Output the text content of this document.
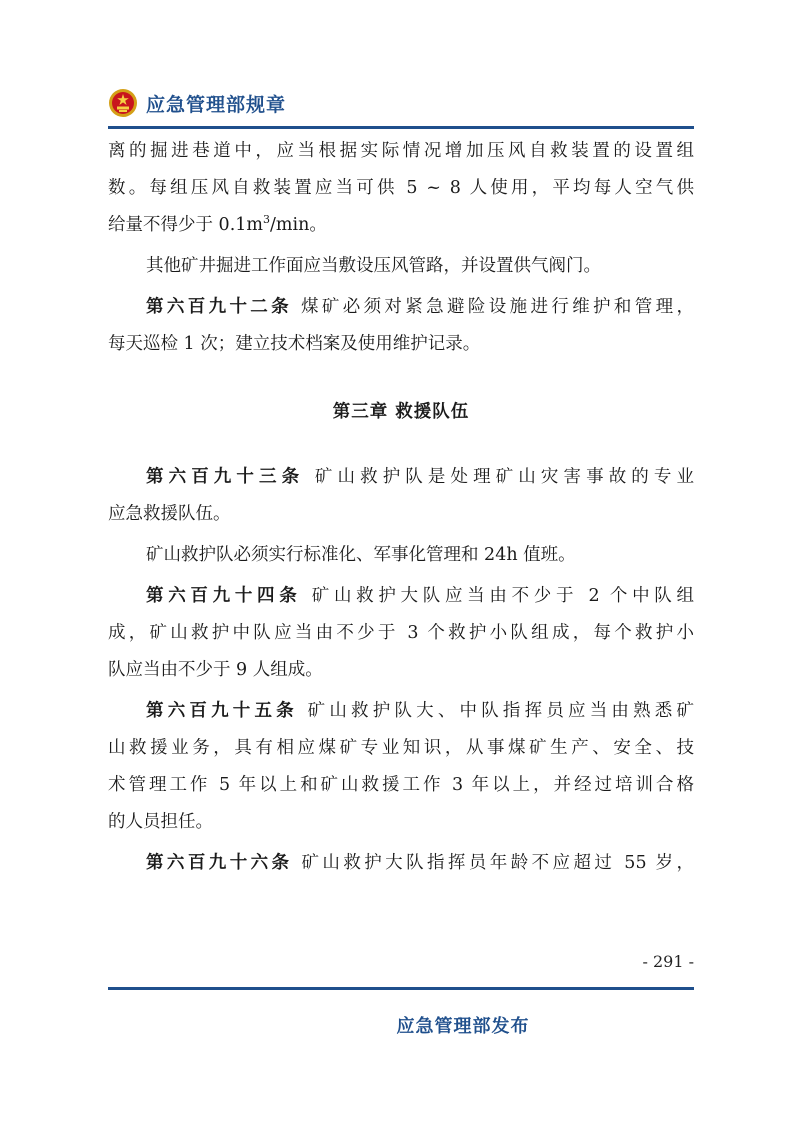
应急管理部规章
离的掘进巷道中，应当根据实际情况增加压风自救装置的设置组
数。每组压风自救装置应当可供 5 ~ 8 人使用，平均每人空气供
给量不得少于 $0.1m^3/\min$。
其他矿井掘进工作面应当敷设压风管路，并设置供气阀门。
第六百九十二条 煤矿必须对紧急避险设施进行维护和管理，
每天巡检 1 次；建立技术档案及使用维护记录。
第三章 救援队伍
第六百九十三条 矿山救护队是处理矿山灾害事故的专业
应急救援队伍。
矿山救护队必须实行标准化、军事化管理和 24h 值班。
第六百九十四条 矿山救护大队应当由不少于 2 个中队组
成，矿山救护中队应当由不少于 3 个救护小队组成，每个救护小
队应当由不少于 9 人组成。
第六百九十五条 矿山救护队大、中队指挥员应当由熟悉矿
山救援业务，具有相应煤矿专业知识，从事煤矿生产、安全、技
术管理工作 5 年以上和矿山救援工作 3 年以上，并经过培训合格
的人员担任。
第六百九十六条 矿山救护大队指挥员年龄不应超过 55 岁，
- 291 -
应急管理部发布
